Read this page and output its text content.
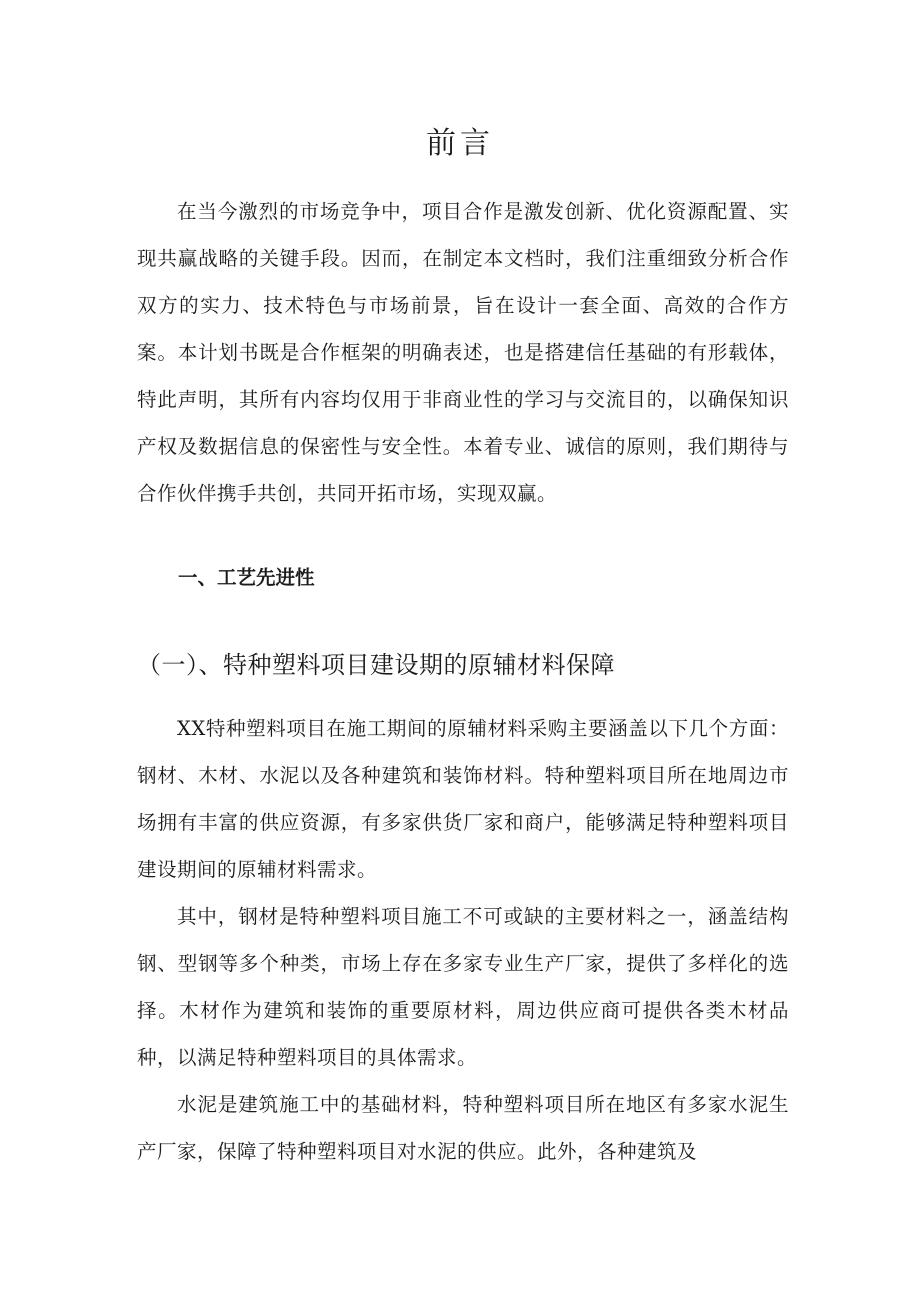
前言

在当今激烈的市场竞争中，项目合作是激发创新、优化资源配置、实现共赢战略的关键手段。因而，在制定本文档时，我们注重细致分析合作双方的实力、技术特色与市场前景，旨在设计一套全面、高效的合作方案。本计划书既是合作框架的明确表述，也是搭建信任基础的有形载体，特此声明，其所有内容均仅用于非商业性的学习与交流目的，以确保知识产权及数据信息的保密性与安全性。本着专业、诚信的原则，我们期待与合作伙伴携手共创，共同开拓市场，实现双赢。

一、工艺先进性
（一）、特种塑料项目建设期的原辅材料保障

XX特种塑料项目在施工期间的原辅材料采购主要涵盖以下几个方面：钢材、木材、水泥以及各种建筑和装饰材料。特种塑料项目所在地周边市场拥有丰富的供应资源，有多家供货厂家和商户，能够满足特种塑料项目建设期间的原辅材料需求。

其中，钢材是特种塑料项目施工不可或缺的主要材料之一，涵盖结构钢、型钢等多个种类，市场上存在多家专业生产厂家，提供了多样化的选择。木材作为建筑和装饰的重要原材料，周边供应商可提供各类木材品种，以满足特种塑料项目的具体需求。

水泥是建筑施工中的基础材料，特种塑料项目所在地区有多家水泥生产厂家，保障了特种塑料项目对水泥的供应。此外，各种建筑及
